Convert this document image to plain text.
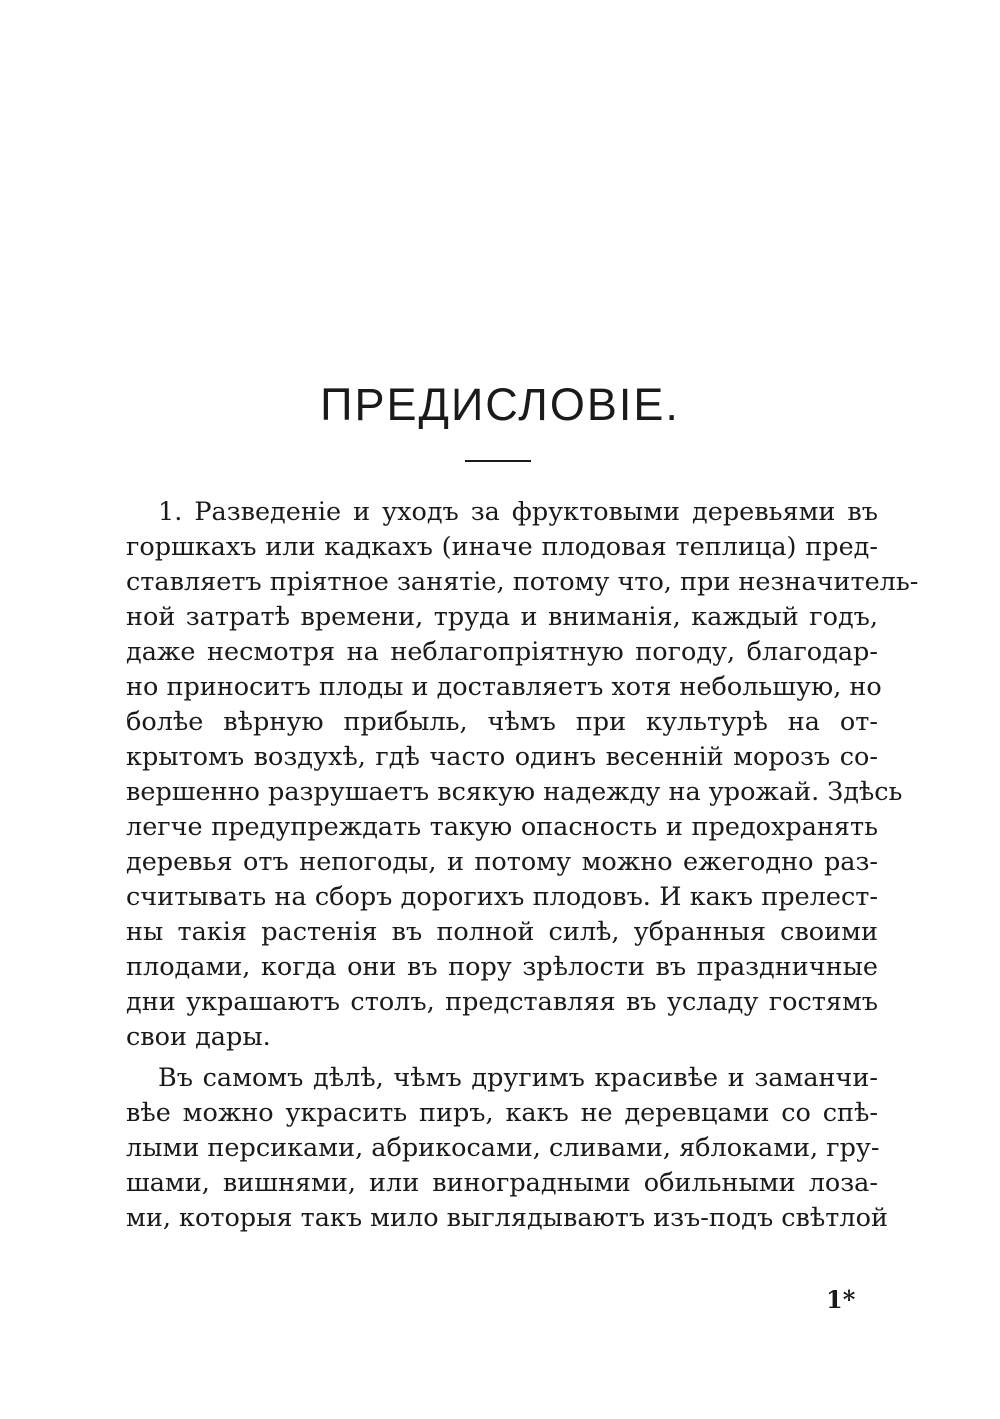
ПРЕДИСЛОВІЕ.
1. Разведеніе и уходъ за фруктовыми деревьями въ
горшкахъ или кадкахъ (иначе плодовая теплица) пред-
ставляетъ пріятное занятіе, потому что, при незначитель-
ной затратѣ времени, труда и вниманія, каждый годъ,
даже несмотря на неблагопріятную погоду, благодар-
но приноситъ плоды и доставляетъ хотя небольшую, но
болѣе вѣрную прибыль, чѣмъ при культурѣ на от-
крытомъ воздухѣ, гдѣ часто одинъ весенній морозъ со-
вершенно разрушаетъ всякую надежду на урожай. Здѣсь
легче предупреждать такую опасность и предохранять
деревья отъ непогоды, и потому можно ежегодно раз-
считывать на сборъ дорогихъ плодовъ. И какъ прелест-
ны такія растенія въ полной силѣ, убранныя своими
плодами, когда они въ пору зрѣлости въ праздничные
дни украшаютъ столъ, представляя въ усладу гостямъ
свои дары.
Въ самомъ дѣлѣ, чѣмъ другимъ красивѣе и заманчи-
вѣе можно украсить пиръ, какъ не деревцами со спѣ-
лыми персиками, абрикосами, сливами, яблоками, гру-
шами, вишнями, или виноградными обильными лоза-
ми, которыя такъ мило выглядываютъ изъ-подъ свѣтлой
1*
